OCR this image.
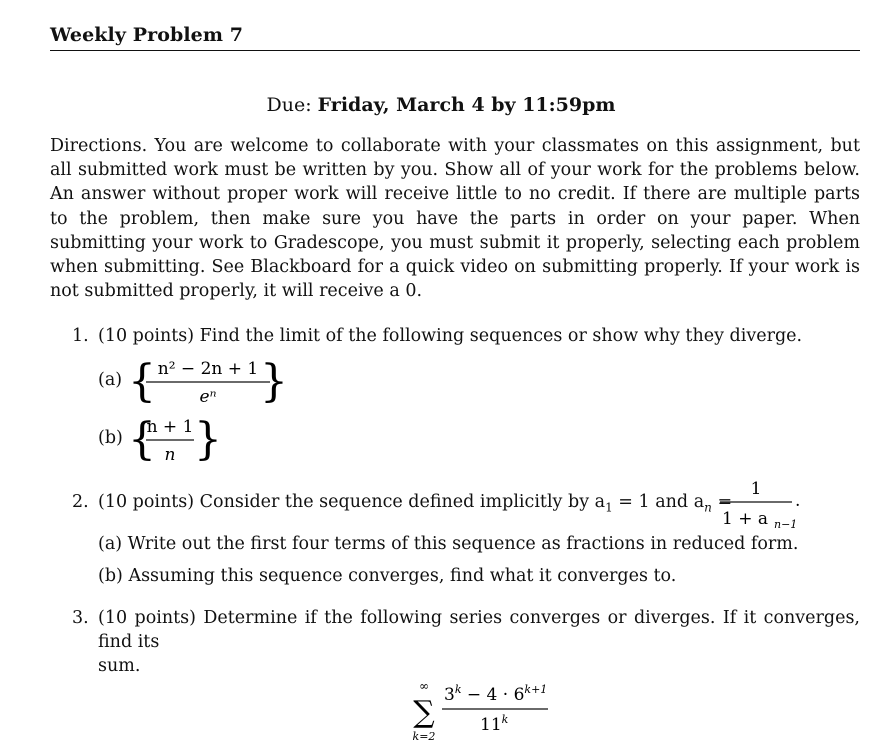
Weekly Problem 7
Due: Friday, March 4 by 11:59pm
Directions. You are welcome to collaborate with your classmates on this assignment, but all submitted work must be written by you. Show all of your work for the problems below. An answer without proper work will receive little to no credit. If there are multiple parts to the problem, then make sure you have the parts in order on your paper. When submitting your work to Gradescope, you must submit it properly, selecting each problem when submitting. See Blackboard for a quick video on submitting properly. If your work is not submitted properly, it will receive a 0.
1. (10 points) Find the limit of the following sequences or show why they diverge.
(a) { n² − 2n + 1
eⁿ }
(b) {
n + 1
n }
2. (10 points) Consider the sequence defined implicitly by $a_1 = 1$ and $a_n$ =
1
1 + a n−1
.
(a) Write out the first four terms of this sequence as fractions in reduced form.
(b) Assuming this sequence converges, find what it converges to.
3. (10 points) Determine if the following series converges or diverges. If it converges, find its
sum.
∞
∑
k=2
$3^k - 4 \cdot 6^{k+1}$
11$^k$
